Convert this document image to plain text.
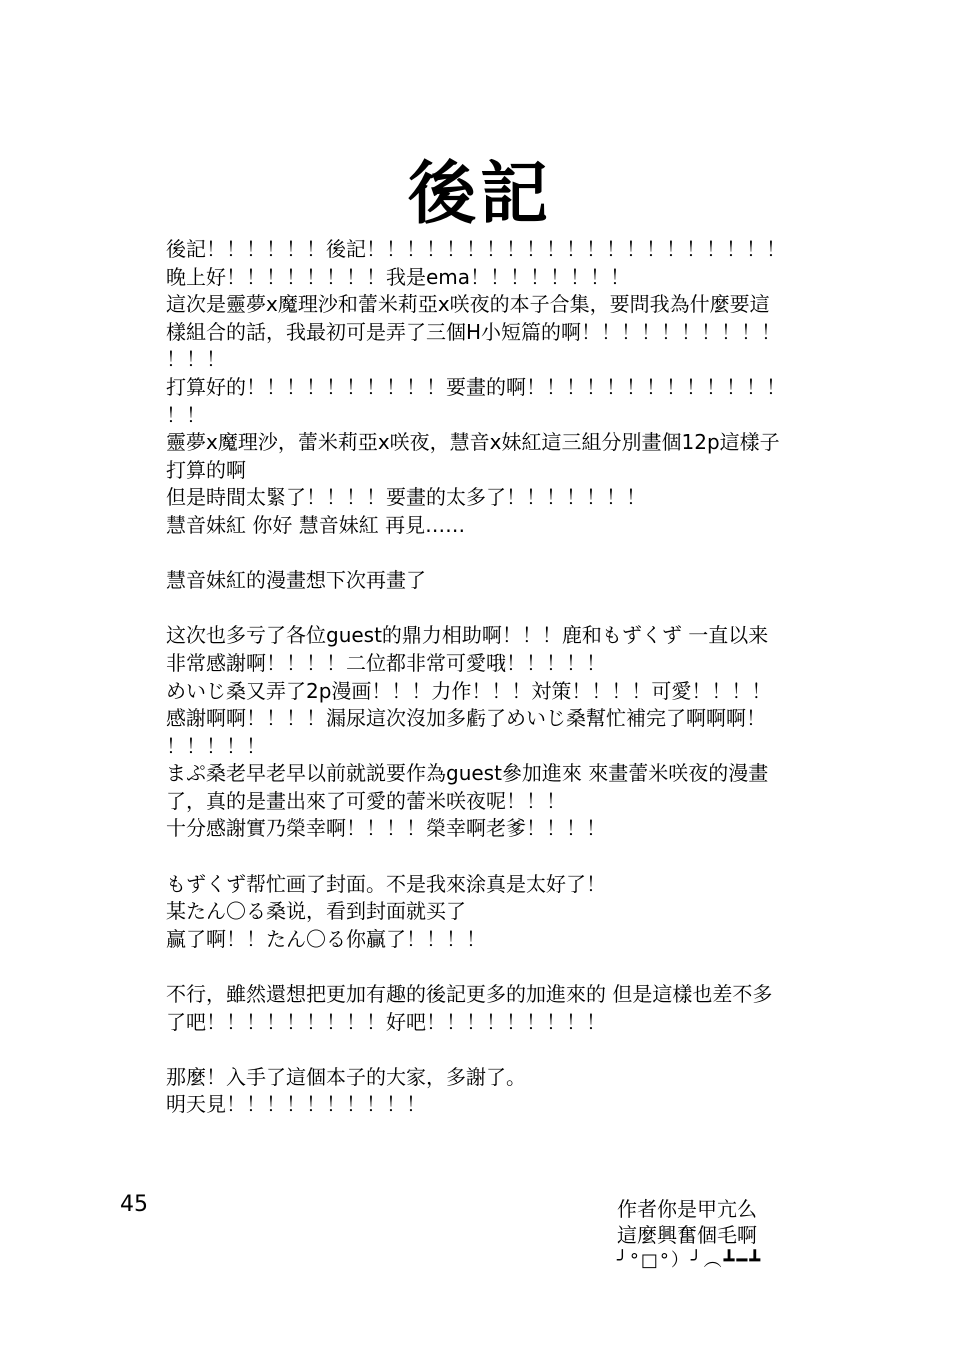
後記
後記！！！！！！後記！！！！！！！！！！！！！！！！！！！！！
晚上好！！！！！！！！我是ema！！！！！！！！
這次是靈夢x魔理沙和蕾米莉亞x咲夜的本子合集，要問我為什麼要這
樣組合的話，我最初可是弄了三個H小短篇的啊！！！！！！！！！！
！！！
打算好的！！！！！！！！！！要畫的啊！！！！！！！！！！！！！
！！
靈夢x魔理沙，蕾米莉亞x咲夜，慧音x妹紅這三組分別畫個12p這樣子
打算的啊
但是時間太緊了！！！！要畫的太多了！！！！！！！
慧音妹紅 你好 慧音妹紅 再見……
慧音妹紅的漫畫想下次再畫了
这次也多亏了各位guest的鼎力相助啊！！！鹿和もずくず 一直以来
非常感謝啊！！！！二位都非常可愛哦！！！！！
めいじ桑又弄了2p漫画！！！力作！！！対策！！！！可愛！！！！
感謝啊啊！！！！漏尿這次沒加多虧了めいじ桑幫忙補完了啊啊啊！
！！！！！
まぷ桑老早老早以前就説要作為guest參加進來 來畫蕾米咲夜的漫畫
了，真的是畫出來了可愛的蕾米咲夜呢！！！
十分感謝實乃榮幸啊！！！！榮幸啊老爹！！！！
もずくず帮忙画了封面。不是我來涂真是太好了！
某たん〇る桑说，看到封面就买了
赢了啊！！たん〇る你贏了！！！！
不行，雖然還想把更加有趣的後記更多的加進來的 但是這樣也差不多
了吧！！！！！！！！！好吧！！！！！！！！！
那麼！入手了這個本子的大家，多謝了。
明天見！！！！！！！！！！
45	作者你是甲亢么
這麼興奮個毛啊
╯°□°）╯︵┻━┻
